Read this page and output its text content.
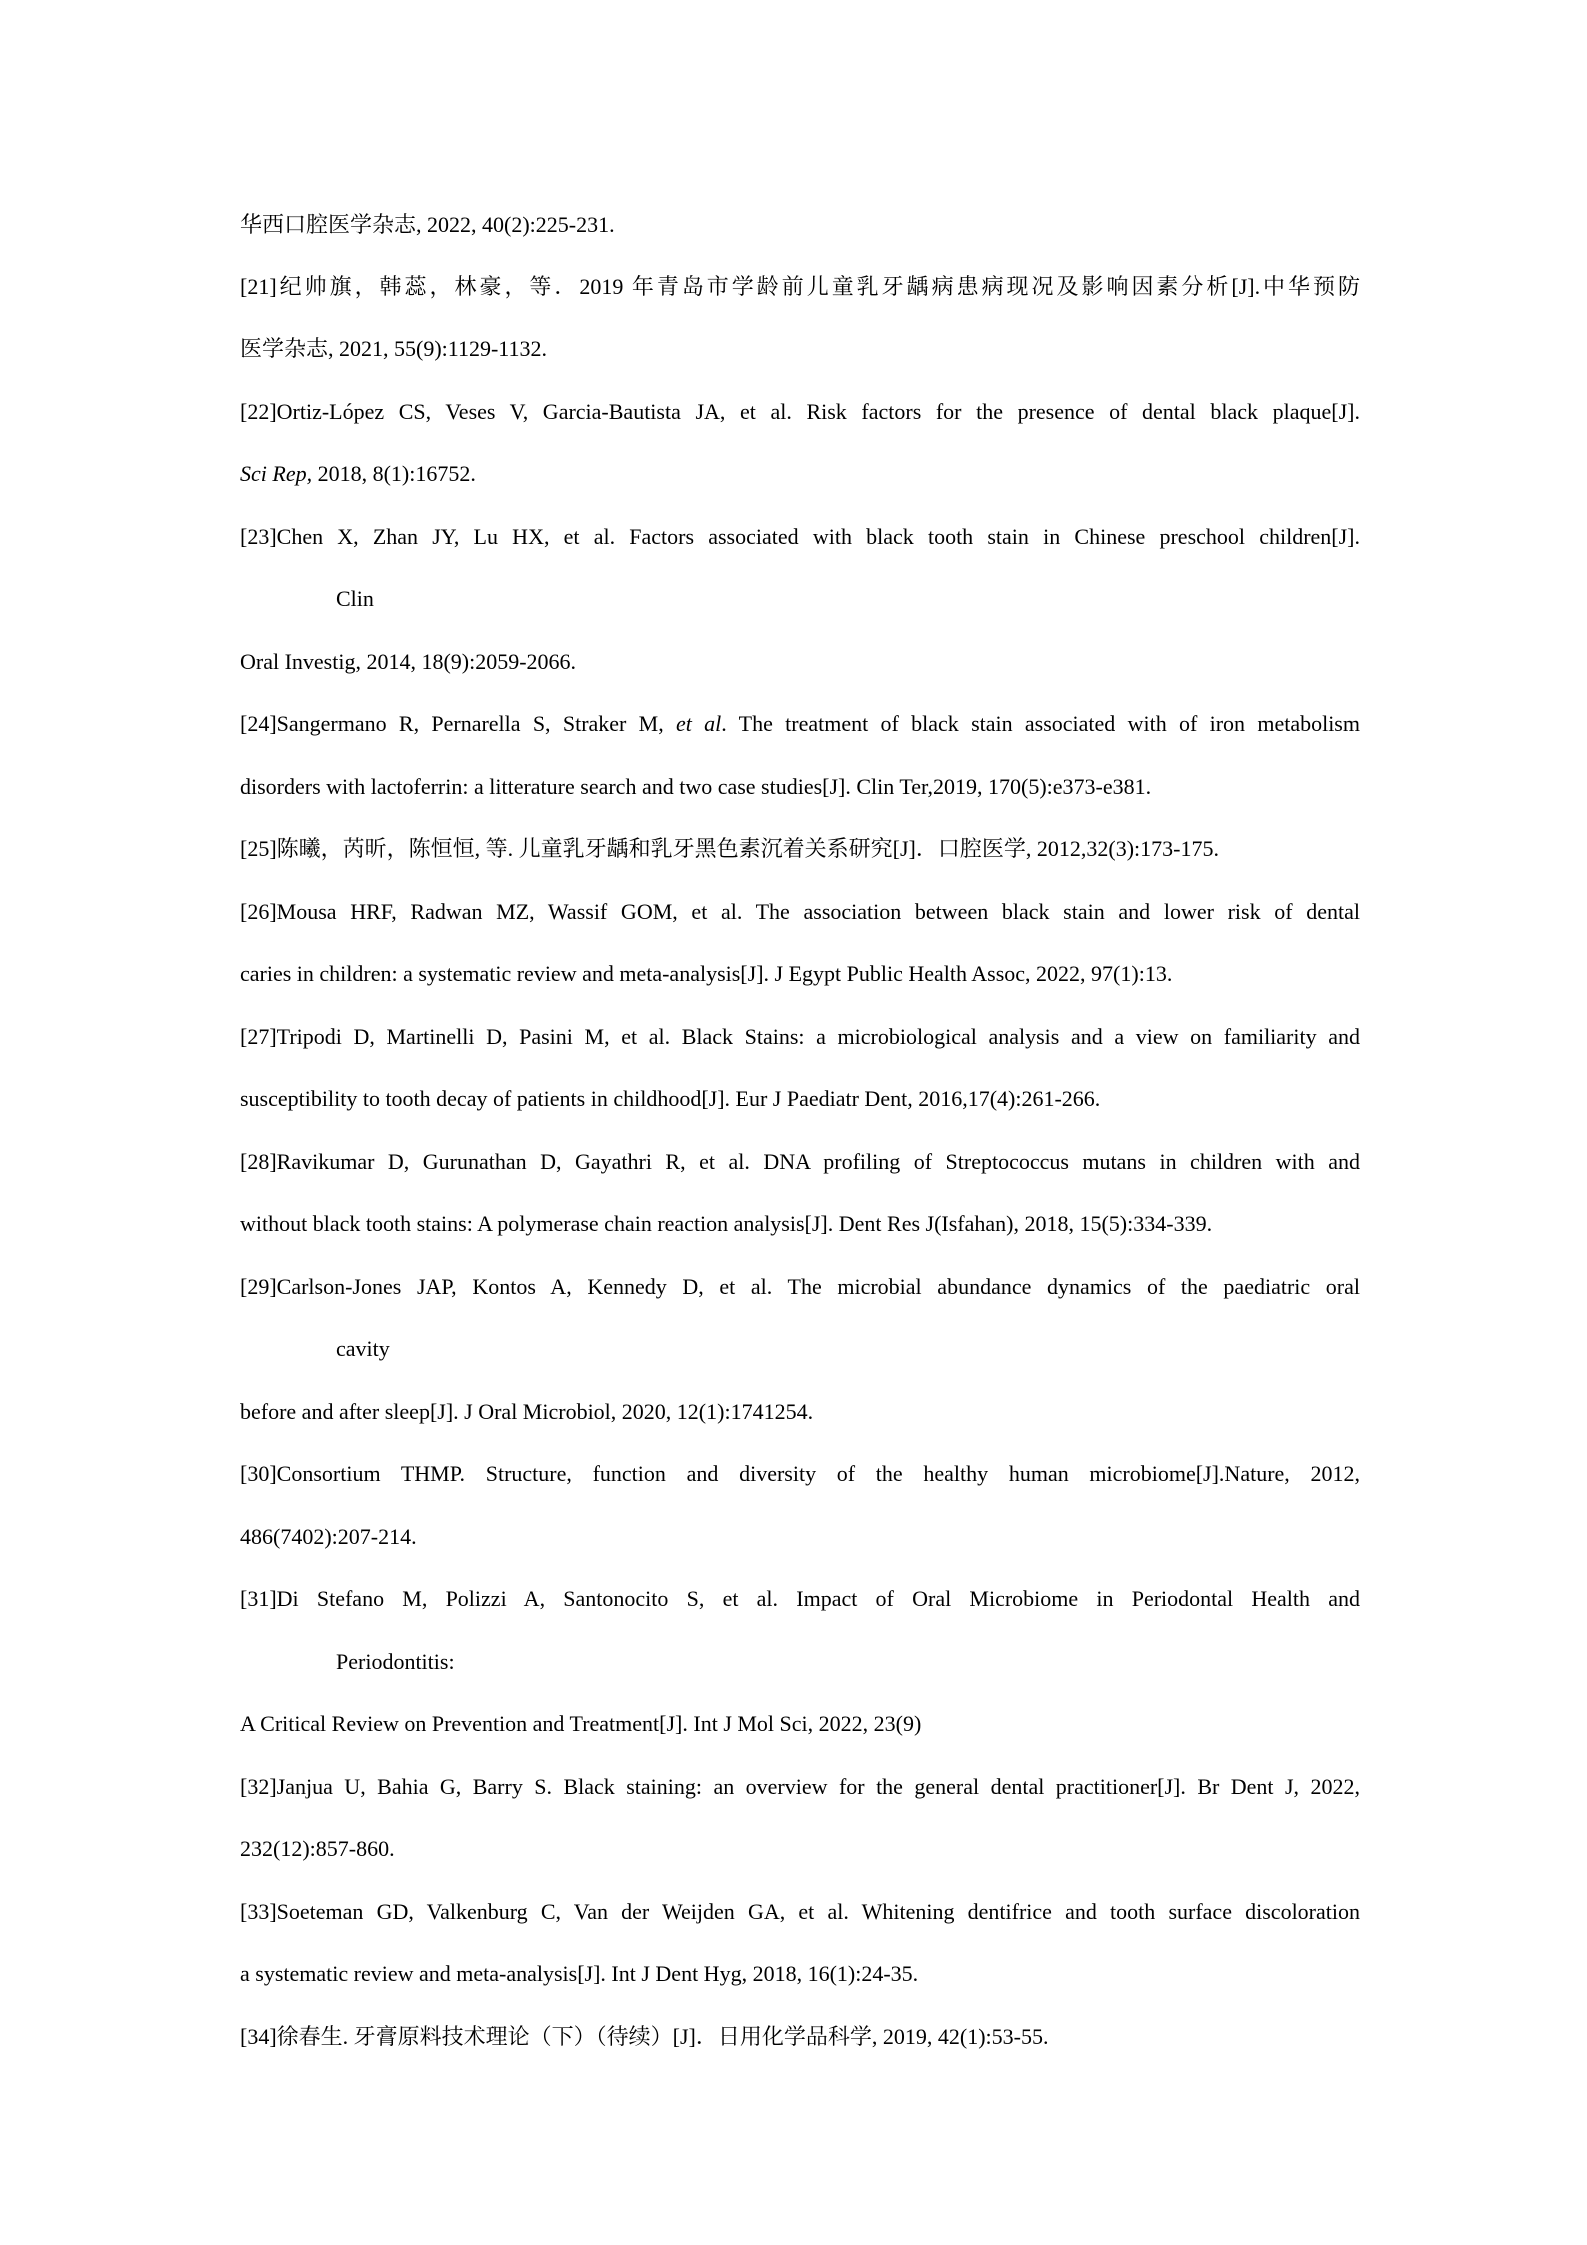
华西口腔医学杂志, 2022, 40(2):225-231.
[21]纪帅旗，韩蕊，林豪，等．2019 年青岛市学龄前儿童乳牙龋病患病现况及影响因素分析[J].中华预防
医学杂志, 2021, 55(9):1129-1132.
[22]Ortiz-López CS, Veses V, Garcia-Bautista JA, et al. Risk factors for the presence of dental black plaque[J].
Sci Rep, 2018, 8(1):16752.
[23]Chen X, Zhan JY, Lu HX, et al. Factors associated with black tooth stain in Chinese preschool children[J].
Clin
Oral Investig, 2014, 18(9):2059-2066.
[24]Sangermano R, Pernarella S, Straker M, et al. The treatment of black stain associated with of iron metabolism
disorders with lactoferrin: a litterature search and two case studies[J]. Clin Ter,2019, 170(5):e373-e381.
[25]陈曦，芮昕，陈恒恒, 等. 儿童乳牙龋和乳牙黑色素沉着关系研究[J]．口腔医学, 2012,32(3):173-175.
[26]Mousa HRF, Radwan MZ, Wassif GOM, et al. The association between black stain and lower risk of dental
caries in children: a systematic review and meta-analysis[J]. J Egypt Public Health Assoc, 2022, 97(1):13.
[27]Tripodi D, Martinelli D, Pasini M, et al. Black Stains: a microbiological analysis and a view on familiarity and
susceptibility to tooth decay of patients in childhood[J]. Eur J Paediatr Dent, 2016,17(4):261-266.
[28]Ravikumar D, Gurunathan D, Gayathri R, et al. DNA profiling of Streptococcus mutans in children with and
without black tooth stains: A polymerase chain reaction analysis[J]. Dent Res J(Isfahan), 2018, 15(5):334-339.
[29]Carlson-Jones JAP, Kontos A, Kennedy D, et al. The microbial abundance dynamics of the paediatric oral
cavity
before and after sleep[J]. J Oral Microbiol, 2020, 12(1):1741254.
[30]Consortium THMP. Structure, function and diversity of the healthy human microbiome[J].Nature, 2012,
486(7402):207-214.
[31]Di Stefano M, Polizzi A, Santonocito S, et al. Impact of Oral Microbiome in Periodontal Health and
Periodontitis:
A Critical Review on Prevention and Treatment[J]. Int J Mol Sci, 2022, 23(9)
[32]Janjua U, Bahia G, Barry S. Black staining: an overview for the general dental practitioner[J]. Br Dent J, 2022,
232(12):857-860.
[33]Soeteman GD, Valkenburg C, Van der Weijden GA, et al. Whitening dentifrice and tooth surface discoloration
a systematic review and meta-analysis[J]. Int J Dent Hyg, 2018, 16(1):24-35.
[34]徐春生. 牙膏原料技术理论（下）（待续）[J]．日用化学品科学, 2019, 42(1):53-55.
